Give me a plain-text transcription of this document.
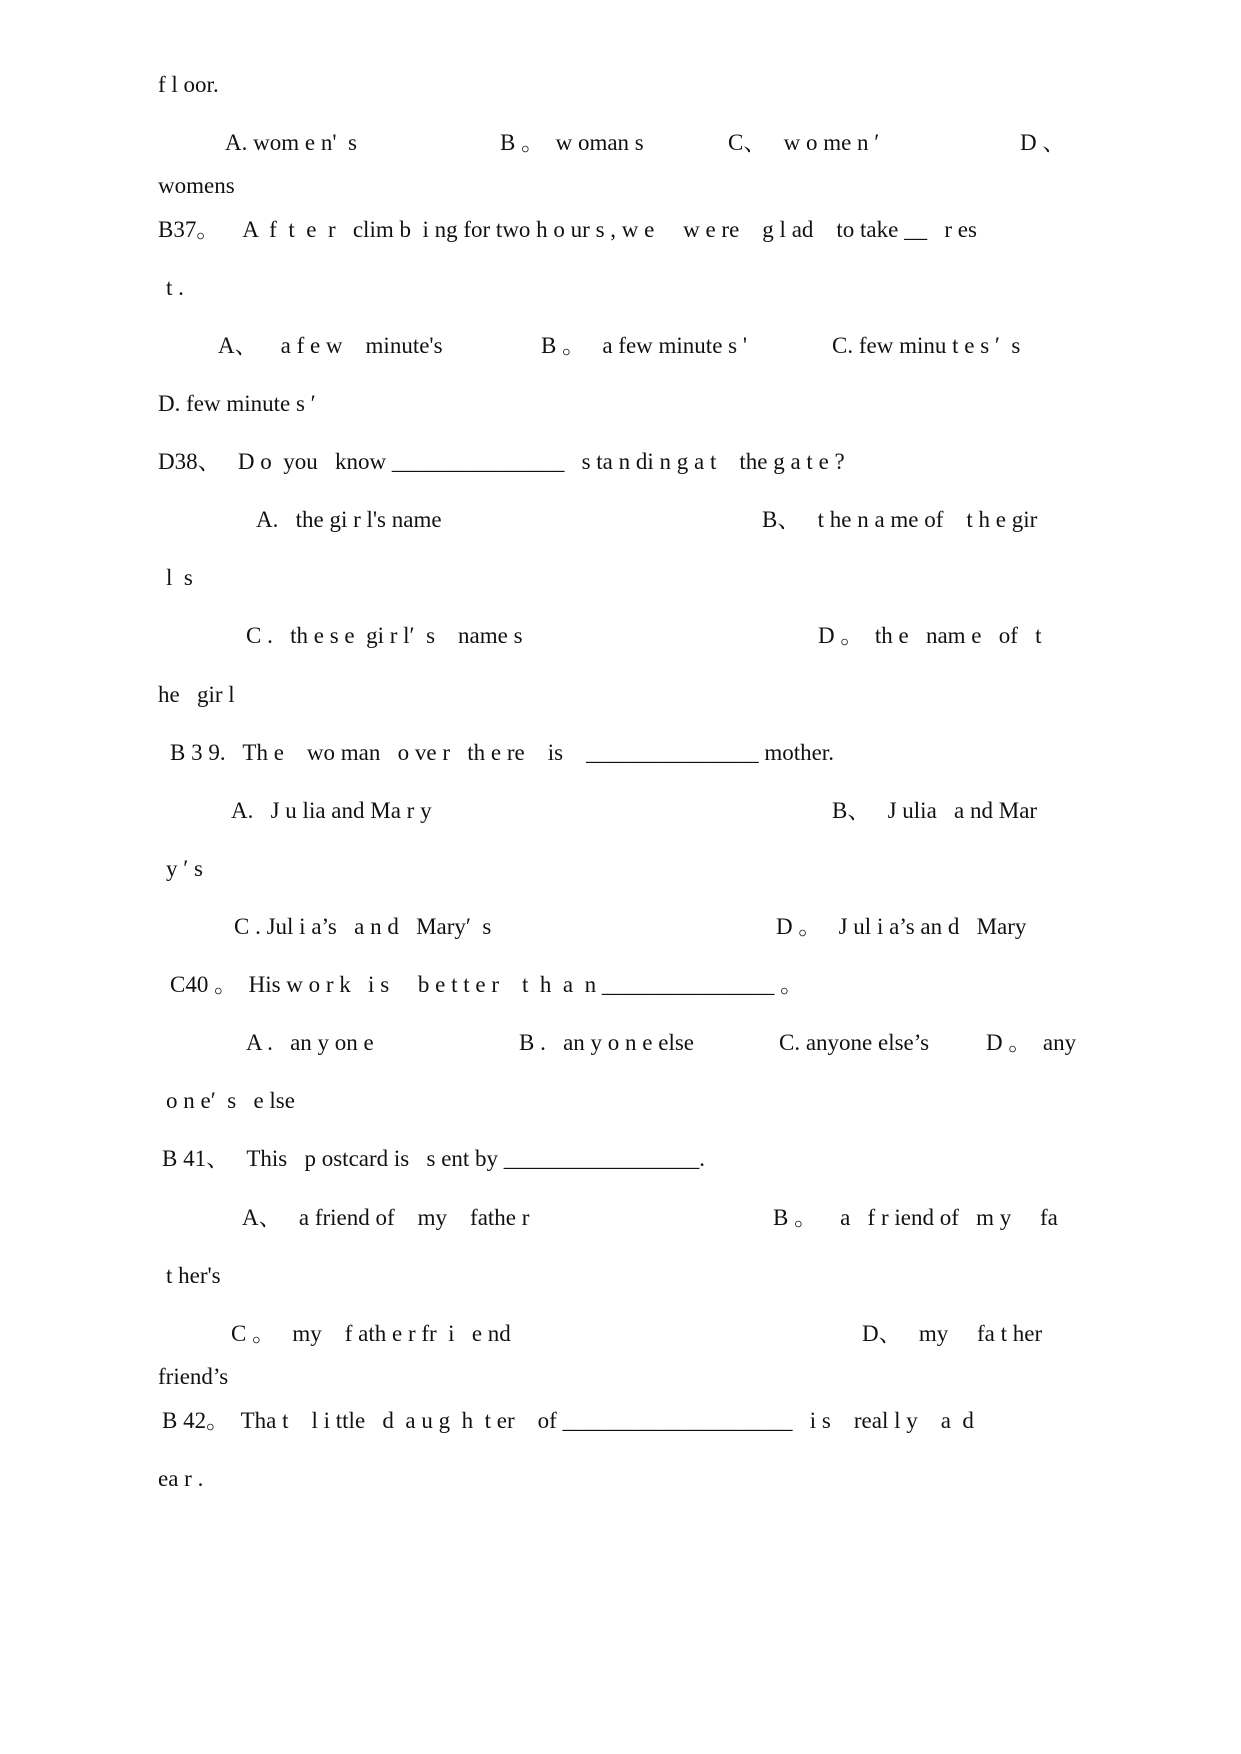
f l oor.
A. wom e n'  s	B 。  w oman s	C、   w o me n ′	D 、
womens
B37。    A  f  t  e  r   clim b  i ng for two h o ur s , w e     w e re    g l ad    to take __   r es
t .
A、    a f e w    minute's	B 。   a few minute s '	C. few minu t e s ′  s
D. few minute s ′
D38、   D o  you   know _______________   s ta n di n g a t    the g a t e ?
A.   the gi r l's name	B、   t he n a me of    t h e gir
l  s
C .   th e s e  gi r l′  s    name s	D 。  th e   nam e   of   t
he   gir l
B 3 9.   Th e    wo man   o ve r   th e re    is    _______________ mother.
A.   J u lia and Ma r y	B、   J ulia   a nd Mar
y ′ s
C . Jul i a’s   a n d   Mary′  s	D 。   J ul i a’s an d   Mary
C40 。  His w o r k   i s     b e t t e r    t  h  a  n _______________ 。
A .   an y on e	B .   an y o n e else	C. anyone else’s D 。  any
o n e′  s   e lse
B 41、   This   p ostcard is   s ent by _________________.
A、   a friend of    my    fathe r	B 。    a   f r iend of   m y     fa
t her's
C 。   my    f ath e r fr  i   e nd	D、   my     fa t her
friend’s
B 42。  Tha t    l i ttle   d  a u g  h  t er    of ____________________   i s    real l y    a  d
ea r .
